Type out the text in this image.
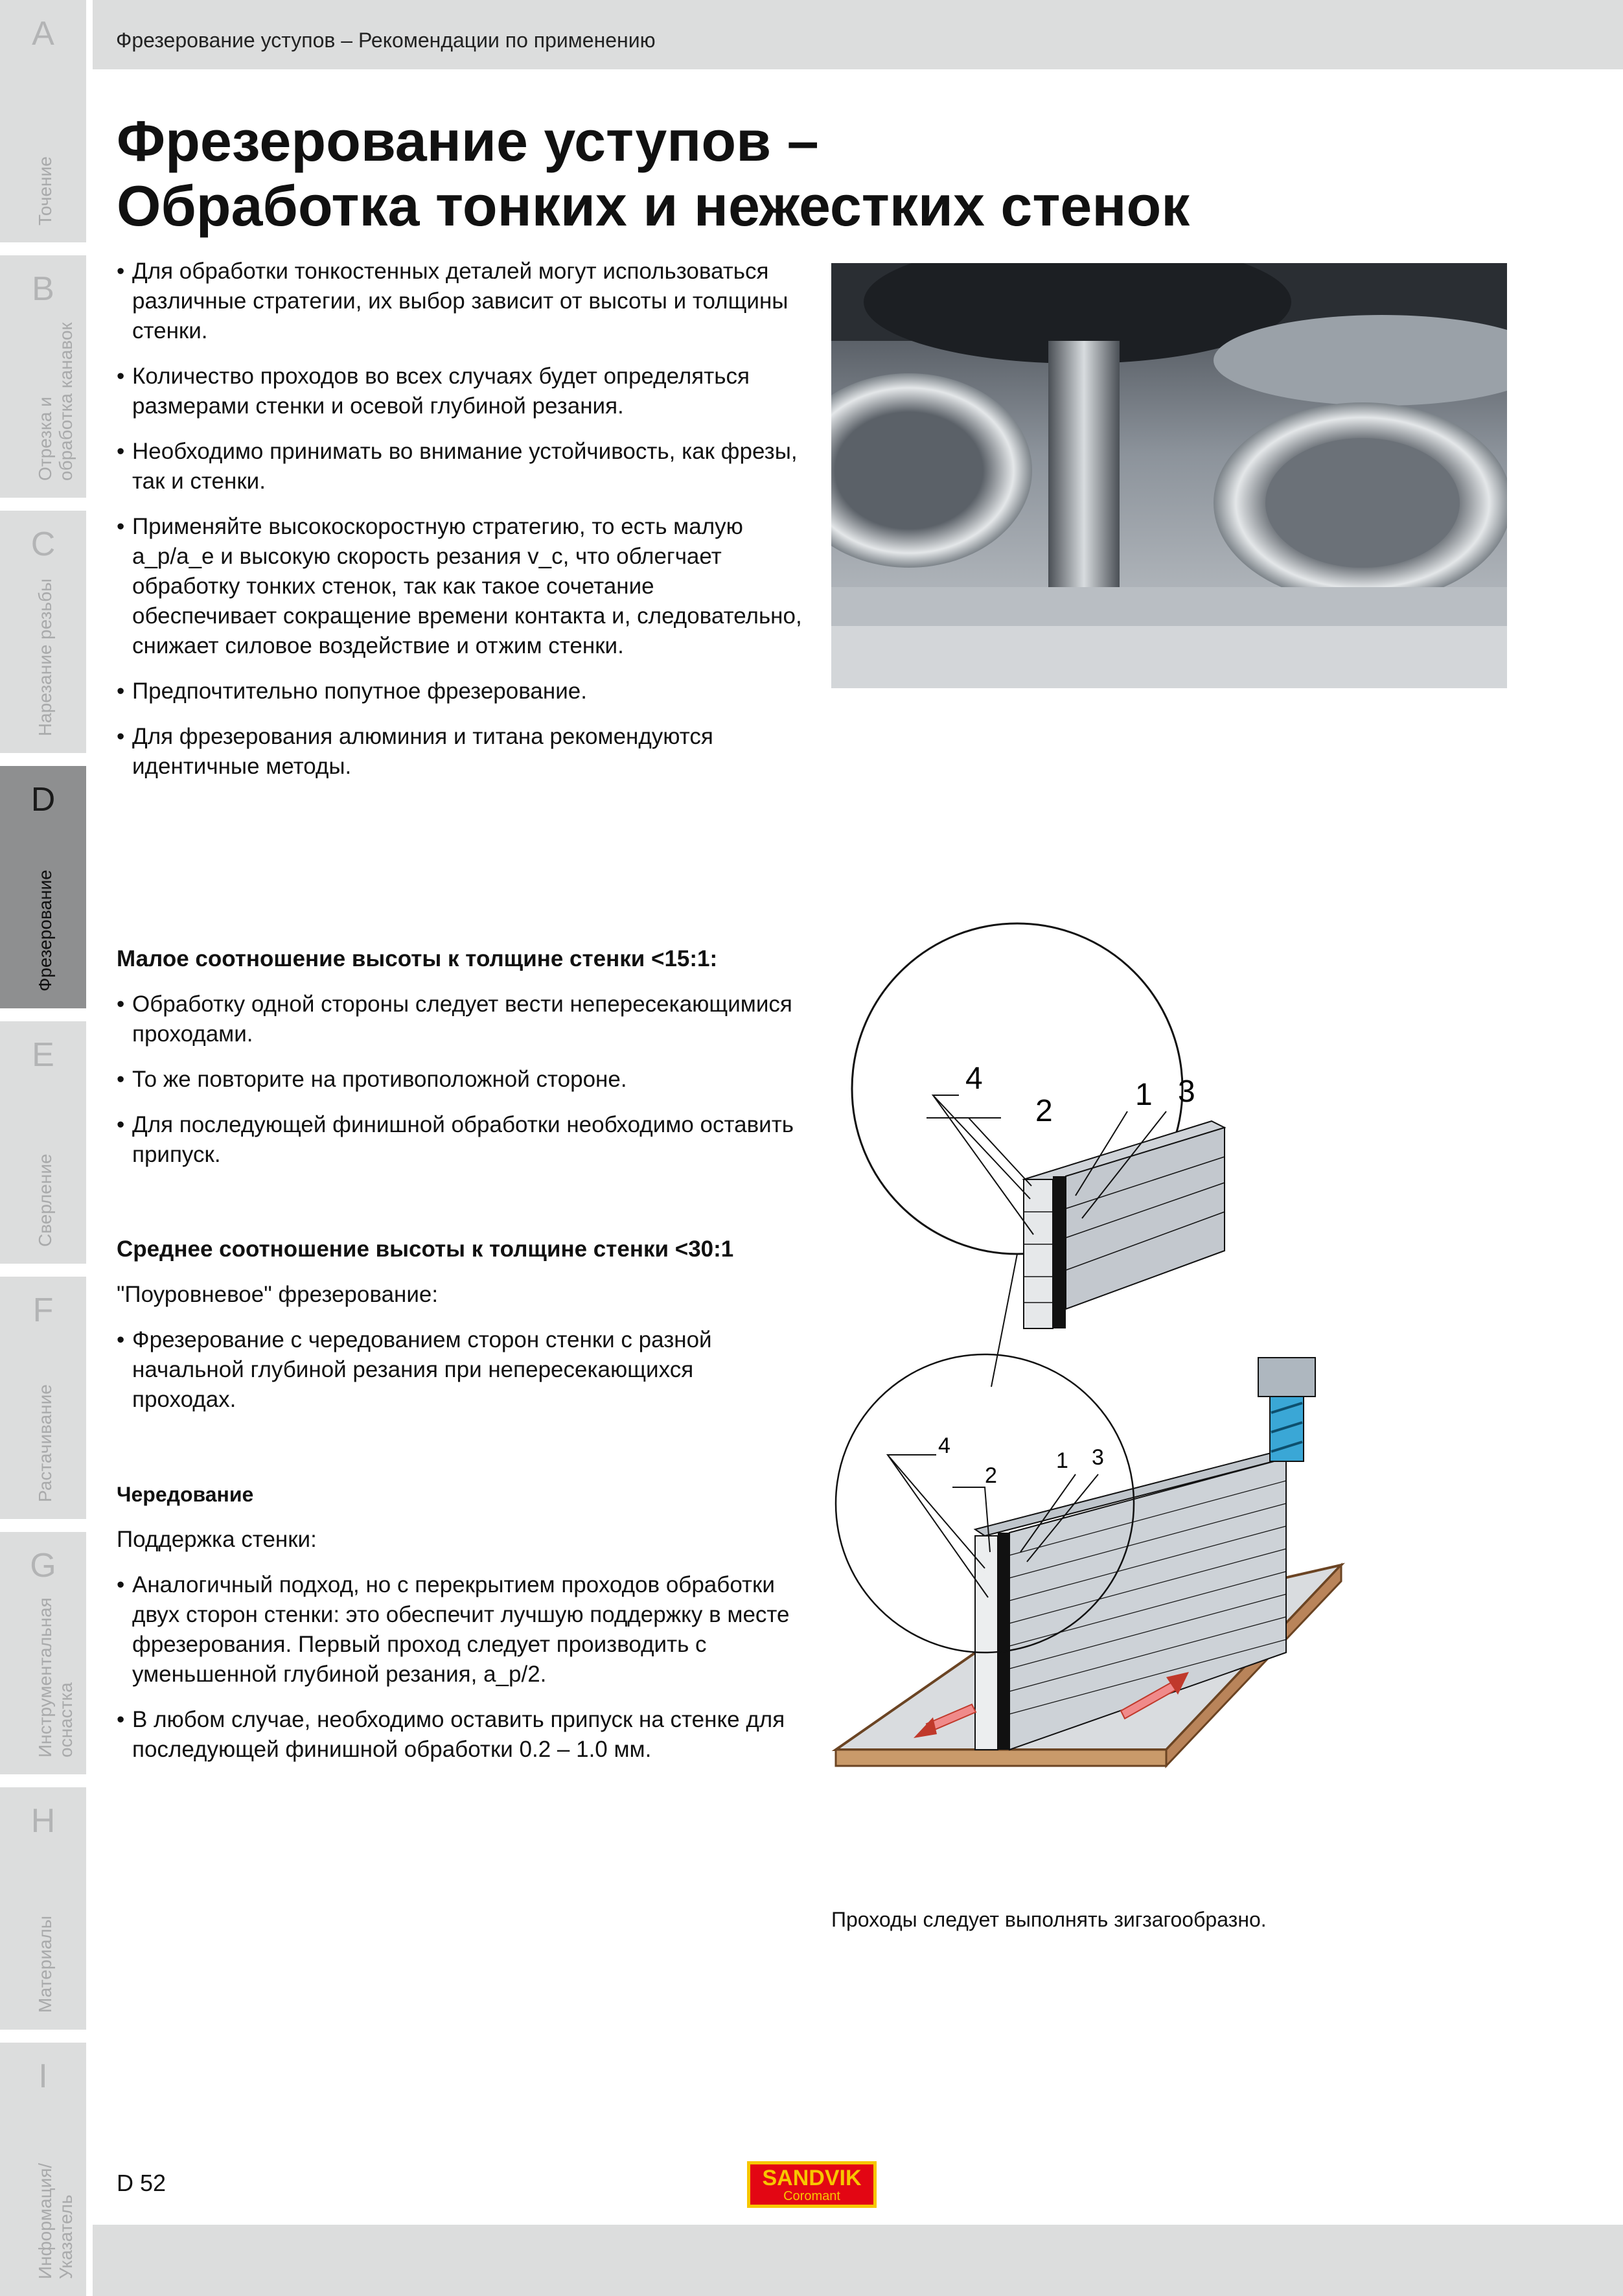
A
Точение
B
Отрезка и
обработка канавок
C
Нарезание резьбы
D
Фрезерование
E
Сверление
F
Растачивание
G
Инструментальная
оснастка
H
Материалы
I
Информация/
Указатель
Фрезерование уступов – Рекомендации по применению
Фрезерование уступов –
Обработка тонких и нежестких стенок
• Для обработки тонкостенных деталей могут использоваться различные стратегии, их выбор зависит от высоты и толщины стенки.
• Количество проходов во всех случаях будет определяться размерами стенки и осевой глубиной резания.
• Необходимо принимать во внимание устойчивость, как фрезы, так и стенки.
• Применяйте высокоскоростную стратегию, то есть малую a_p/a_e и высокую скорость резания v_c, что облегчает обработку тонких стенок, так как такое сочетание обеспечивает сокращение времени контакта и, следовательно, снижает силовое воздействие и отжим стенки.
• Предпочтительно попутное фрезерование.
• Для фрезерования алюминия и титана рекомендуются идентичные методы.
Малое соотношение высоты к толщине стенки <15:1:
• Обработку одной стороны следует вести непересекающимися проходами.
• То же повторите на противоположной стороне.
• Для последующей финишной обработки необходимо оставить припуск.
Среднее соотношение высоты к толщине стенки <30:1
"Поуровневое" фрезерование:
• Фрезерование с чередованием сторон стенки с разной начальной глубиной резания при непересекающихся проходах.
Чередование
Поддержка стенки:
• Аналогичный подход, но с перекрытием проходов обработки двух сторон стенки: это обеспечит лучшую поддержку в месте фрезерования. Первый проход следует производить с уменьшенной глубиной резания, a_p/2.
• В любом случае, необходимо оставить припуск на стенке для последующей финишной обработки 0.2 – 1.0 мм.
4
2	1 3
4
2
1 3
Проходы следует выполнять зигзагообразно.
D 52	SANDVIK
Coromant
